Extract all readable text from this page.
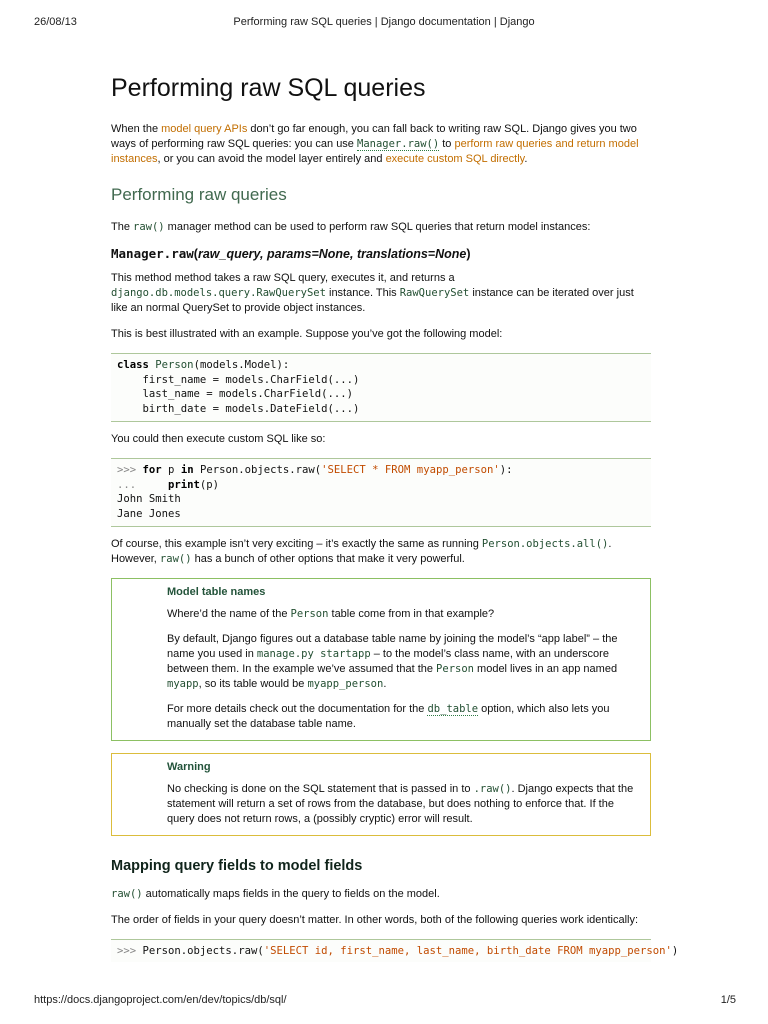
26/08/13	Performing raw SQL queries | Django documentation | Django
Performing raw SQL queries

When the model query APIs don’t go far enough, you can fall back to writing raw SQL. Django gives you two ways of performing raw SQL queries: you can use Manager.raw() to perform raw queries and return model instances, or you can avoid the model layer entirely and execute custom SQL directly.

Performing raw queries

The raw() manager method can be used to perform raw SQL queries that return model instances:

Manager.raw(raw_query, params=None, translations=None)

This method method takes a raw SQL query, executes it, and returns a django.db.models.query.RawQuerySet instance. This RawQuerySet instance can be iterated over just like an normal QuerySet to provide object instances.

This is best illustrated with an example. Suppose you’ve got the following model:

class Person(models.Model):
first_name = models.CharField(...)
last_name = models.CharField(...)
birth_date = models.DateField(...)

You could then execute custom SQL like so:

>>> for p in Person.objects.raw('SELECT * FROM myapp_person'):
...	print(p)
John Smith
Jane Jones

Of course, this example isn’t very exciting – it’s exactly the same as running Person.objects.all(). However, raw() has a bunch of other options that make it very powerful.

Model table names

Where’d the name of the Person table come from in that example?

By default, Django figures out a database table name by joining the model’s “app label” – the name you used in manage.py startapp – to the model’s class name, with an underscore between them. In the example we’ve assumed that the Person model lives in an app named myapp, so its table would be myapp_person.

For more details check out the documentation for the db_table option, which also lets you manually set the database table name.

Warning

No checking is done on the SQL statement that is passed in to .raw(). Django expects that the statement will return a set of rows from the database, but does nothing to enforce that. If the query does not return rows, a (possibly cryptic) error will result.

Mapping query fields to model fields

raw() automatically maps fields in the query to fields on the model.

The order of fields in your query doesn’t matter. In other words, both of the following queries work identically:

>>> Person.objects.raw('SELECT id, first_name, last_name, birth_date FROM myapp_person')
https://docs.djangoproject.com/en/dev/topics/db/sql/	1/5
